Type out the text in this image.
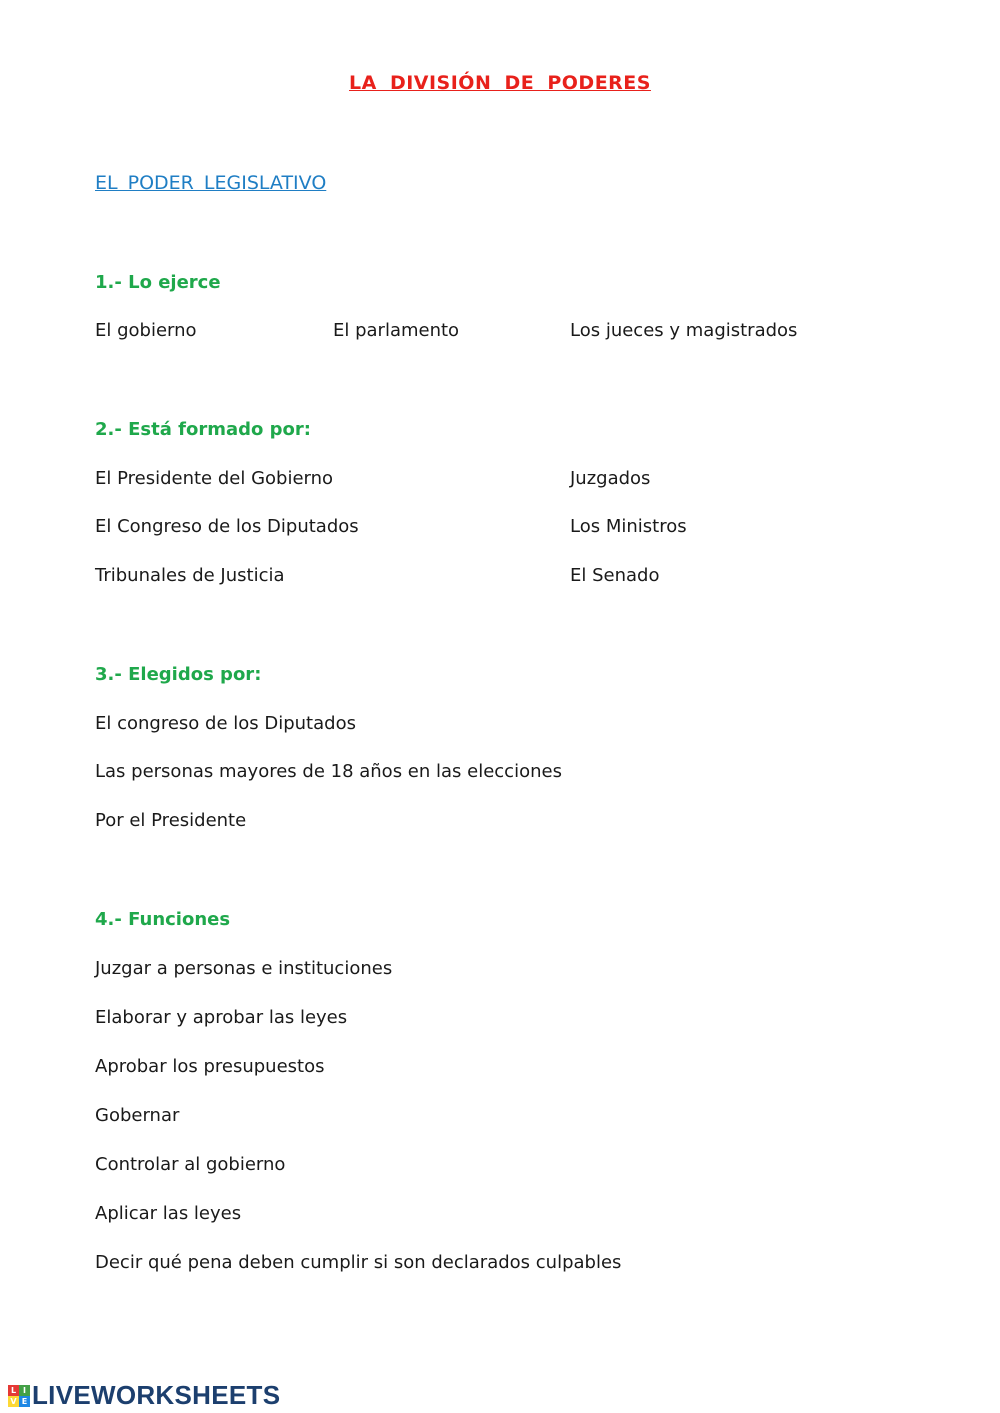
LA DIVISIÓN DE PODERES
EL PODER LEGISLATIVO
1.- Lo ejerce
El gobierno	El parlamento	Los jueces y magistrados
2.- Está formado por:
El Presidente del Gobierno	Juzgados
El Congreso de los Diputados	Los Ministros
Tribunales de Justicia	El Senado
3.- Elegidos por:
El congreso de los Diputados
Las personas mayores de 18 años en las elecciones
Por el Presidente
4.- Funciones
Juzgar a personas e instituciones
Elaborar y aprobar las leyes
Aprobar los presupuestos
Gobernar
Controlar al gobierno
Aplicar las leyes
Decir qué pena deben cumplir si son declarados culpables
L I
V E LIVEWORKSHEETS
